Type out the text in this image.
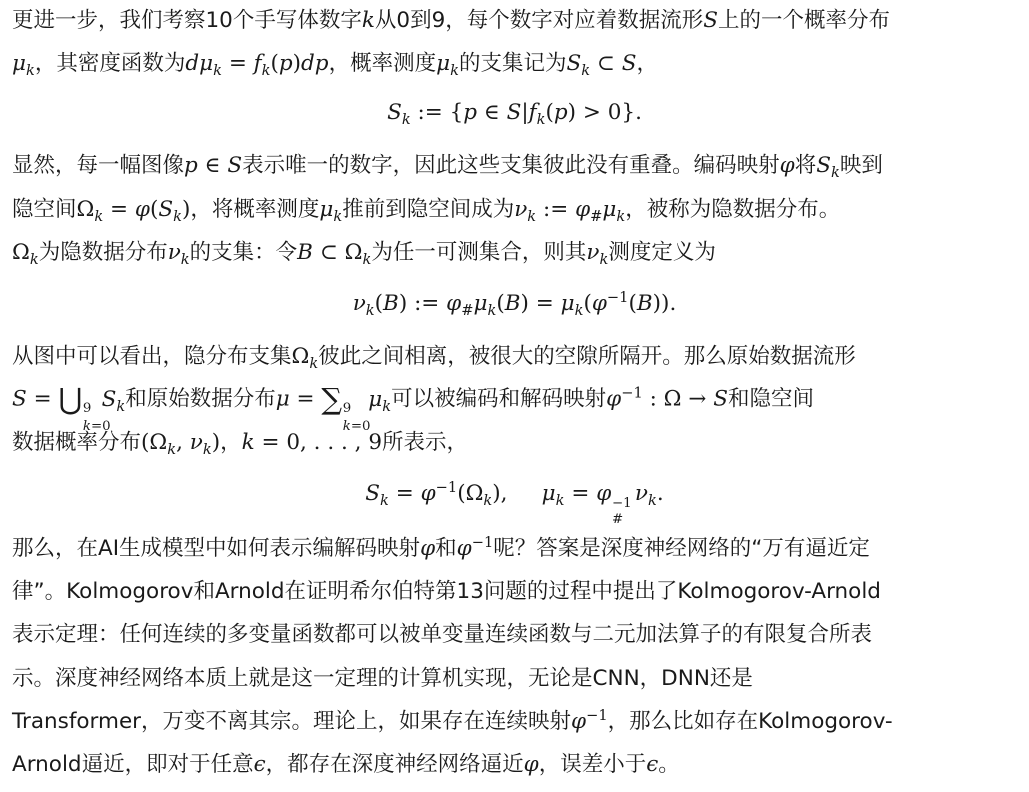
更进一步，我们考察10个手写体数字k从0到9，每个数字对应着数据流形S上的一个概率分布
$\mu_k$，其密度函数为$d\mu_k = f_k(p)dp$，概率测度$\mu_k$的支集记为$S_k$ ⊂ S，
$S_k$ := {p ∈ $S|f_k(p) > 0$}.
显然，每一幅图像p ∈ S表示唯一的数字，因此这些支集彼此没有重叠。编码映射φ将$S_k$映到
隐空间$\Omega_k = \varphi(S_k)$，将概率测度$\mu_k$推前到隐空间成为$\nu_k$ := $\varphi_{\#}\mu_k$，被称为隐数据分布。
$\Omega_k$为隐数据分布$\nu_k$的支集：令B ⊂ $\Omega_k$为任一可测集合，则其$\nu_k$测度定义为
$\nu_k(B)$ := $\varphi_{\#}\mu_k(B) = \mu_k(\varphi^{-1}(B))$.
从图中可以看出，隐分布支集$\Omega_k$彼此之间相离，被很大的空隙所隔开。那么原始数据流形
S = ⋃ 9
k=0
$S_k$和原始数据分布μ = ∑ 9
k=0
$\mu_k$可以被编码和解码映射$\varphi^{-1}$ : Ω → S和隐空间
数据概率分布($\Omega_k$, $\nu_k$)，k = 0, . . . , 9所表示，
$S_k = \varphi^{-1}(\Omega_k)$, $\mu_k = \varphi -1$
#
$\nu_k$.
那么，在AI生成模型中如何表示编解码映射φ和$\varphi^{-1}$呢？答案是深度神经网络的“万有逼近定
律”。Kolmogorov和Arnold在证明希尔伯特第13问题的过程中提出了Kolmogorov-Arnold
表示定理：任何连续的多变量函数都可以被单变量连续函数与二元加法算子的有限复合所表
示。深度神经网络本质上就是这一定理的计算机实现，无论是CNN，DNN还是
Transformer，万变不离其宗。理论上，如果存在连续映射$\varphi^{-1}$，那么比如存在Kolmogorov-
Arnold逼近，即对于任意ϵ，都存在深度神经网络逼近φ，误差小于ϵ。
